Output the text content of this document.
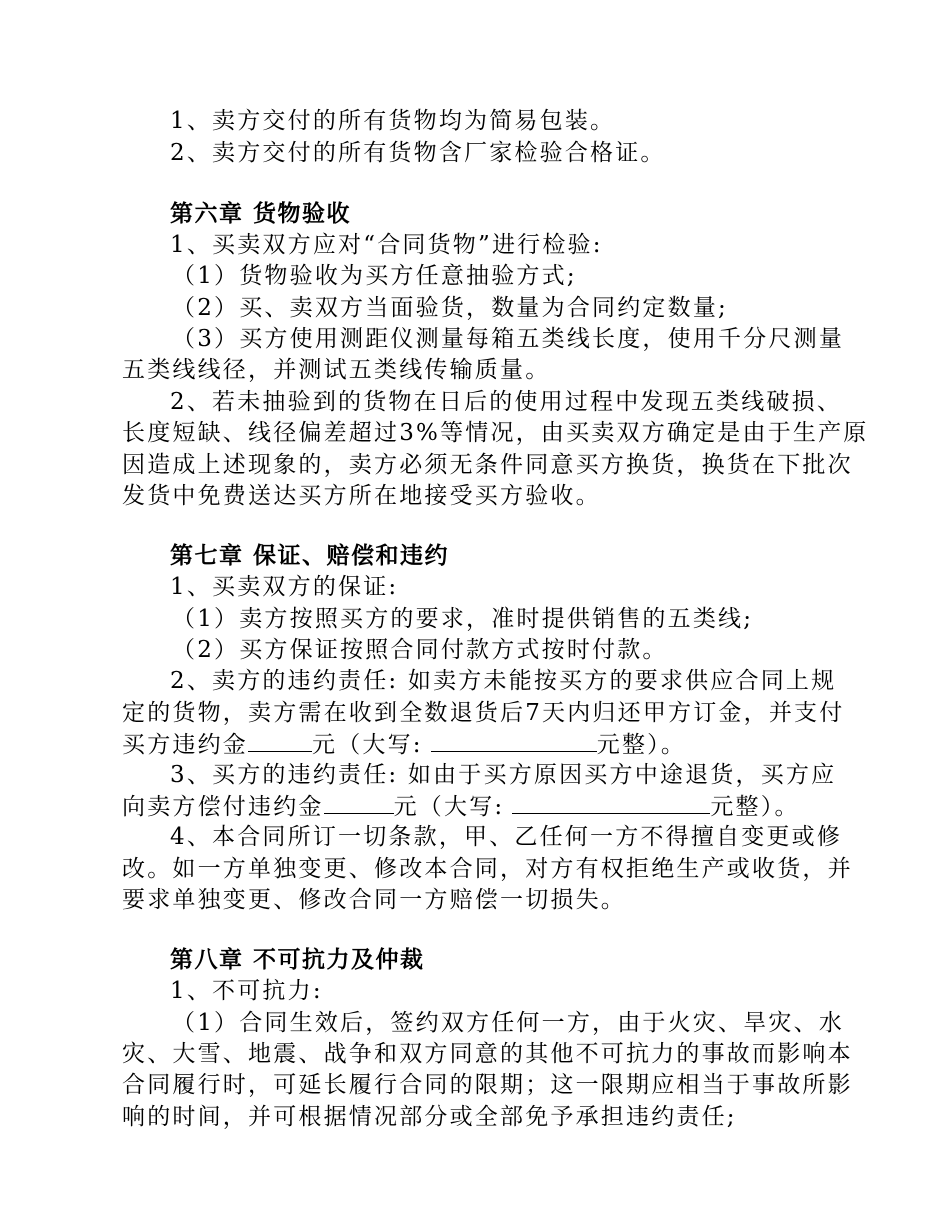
1、卖方交付的所有货物均为简易包装。
2、卖方交付的所有货物含厂家检验合格证。
第六章 货物验收
1、买卖双方应对“合同货物”进行检验:
（1）货物验收为买方任意抽验方式;
（2）买、卖双方当面验货，数量为合同约定数量;
（3）买方使用测距仪测量每箱五类线长度，使用千分尺测量
五类线线径，并测试五类线传输质量。
2、若未抽验到的货物在日后的使用过程中发现五类线破损、
长度短缺、线径偏差超过3%等情况，由买卖双方确定是由于生产原
因造成上述现象的，卖方必须无条件同意买方换货，换货在下批次
发货中免费送达买方所在地接受买方验收。
第七章 保证、赔偿和违约
1、买卖双方的保证:
（1）卖方按照买方的要求，准时提供销售的五类线;
（2）买方保证按照合同付款方式按时付款。
2、卖方的违约责任: 如卖方未能按买方的要求供应合同上规
定的货物，卖方需在收到全数退货后7天内归还甲方订金，并支付
买方违约金	元（大写:	元整）。
3、买方的违约责任: 如由于买方原因买方中途退货，买方应
向卖方偿付违约金	元（大写:	元整）。
4、本合同所订一切条款，甲、乙任何一方不得擅自变更或修
改。如一方单独变更、修改本合同，对方有权拒绝生产或收货，并
要求单独变更、修改合同一方赔偿一切损失。
第八章 不可抗力及仲裁
1、不可抗力:
（1）合同生效后，签约双方任何一方，由于火灾、旱灾、水
灾、大雪、地震、战争和双方同意的其他不可抗力的事故而影响本
合同履行时，可延长履行合同的限期；这一限期应相当于事故所影
响的时间，并可根据情况部分或全部免予承担违约责任;
